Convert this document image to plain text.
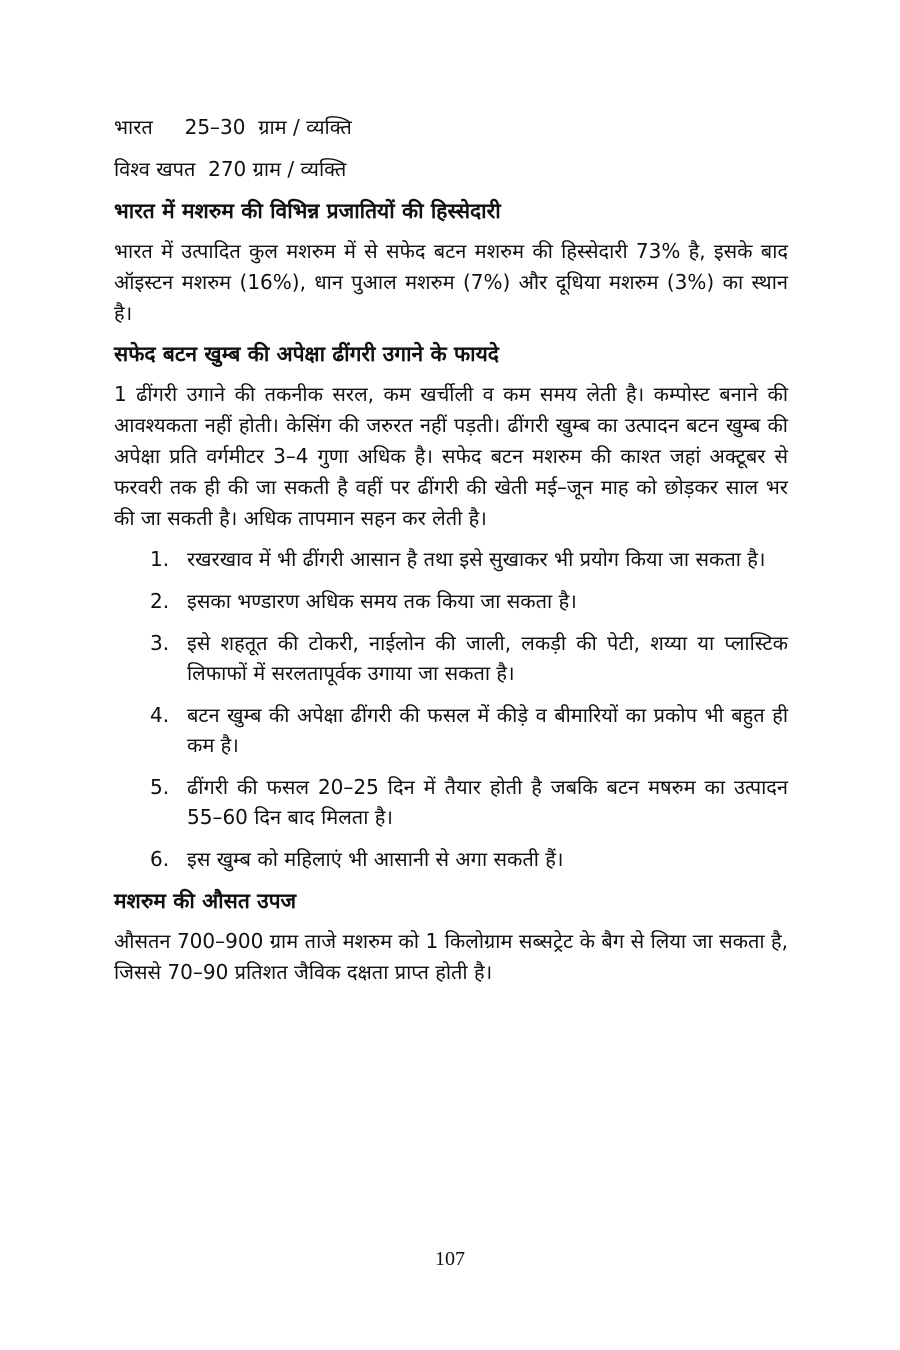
भारत     25–30  ग्राम / व्यक्ति
विश्व खपत  270 ग्राम / व्यक्ति
भारत में मशरुम की विभिन्न प्रजातियों की हिस्सेदारी
भारत में उत्पादित कुल मशरुम में से सफेद बटन मशरुम की हिस्सेदारी 73% है, इसके बाद ऑइस्टन मशरुम (16%), धान पुआल मशरुम (7%) और दूधिया मशरुम (3%) का स्थान है।
सफेद बटन खुम्ब की अपेक्षा ढींगरी उगाने के फायदे
1 ढींगरी उगाने की तकनीक सरल, कम खर्चीली व कम समय लेती है। कम्पोस्ट बनाने की आवश्यकता नहीं होती। केसिंग की जरुरत नहीं पड़ती। ढींगरी खुम्ब का उत्पादन बटन खुम्ब की अपेक्षा प्रति वर्गमीटर 3–4 गुणा अधिक है। सफेद बटन मशरुम की काश्त जहां अक्टूबर से फरवरी तक ही की जा सकती है वहीं पर ढींगरी की खेती मई–जून माह को छोड़कर साल भर की जा सकती है। अधिक तापमान सहन कर लेती है।
1. रखरखाव में भी ढींगरी आसान है तथा इसे सुखाकर भी प्रयोग किया जा सकता है।
2. इसका भण्डारण अधिक समय तक किया जा सकता है।
3. इसे शहतूत की टोकरी, नाईलोन की जाली, लकड़ी की पेटी, शय्या या प्लास्टिक लिफाफों में सरलतापूर्वक उगाया जा सकता है।
4. बटन खुम्ब की अपेक्षा ढींगरी की फसल में कीड़े व बीमारियों का प्रकोप भी बहुत ही कम है।
5. ढींगरी की फसल 20–25 दिन में तैयार होती है जबकि बटन मषरुम का उत्पादन 55–60 दिन बाद मिलता है।
6. इस खुम्ब को महिलाएं भी आसानी से अगा सकती हैं।
मशरुम की औसत उपज
औसतन 700–900 ग्राम ताजे मशरुम को 1 किलोग्राम सब्सट्रेट के बैग से लिया जा सकता है, जिससे 70–90 प्रतिशत जैविक दक्षता प्राप्त होती है।
107
